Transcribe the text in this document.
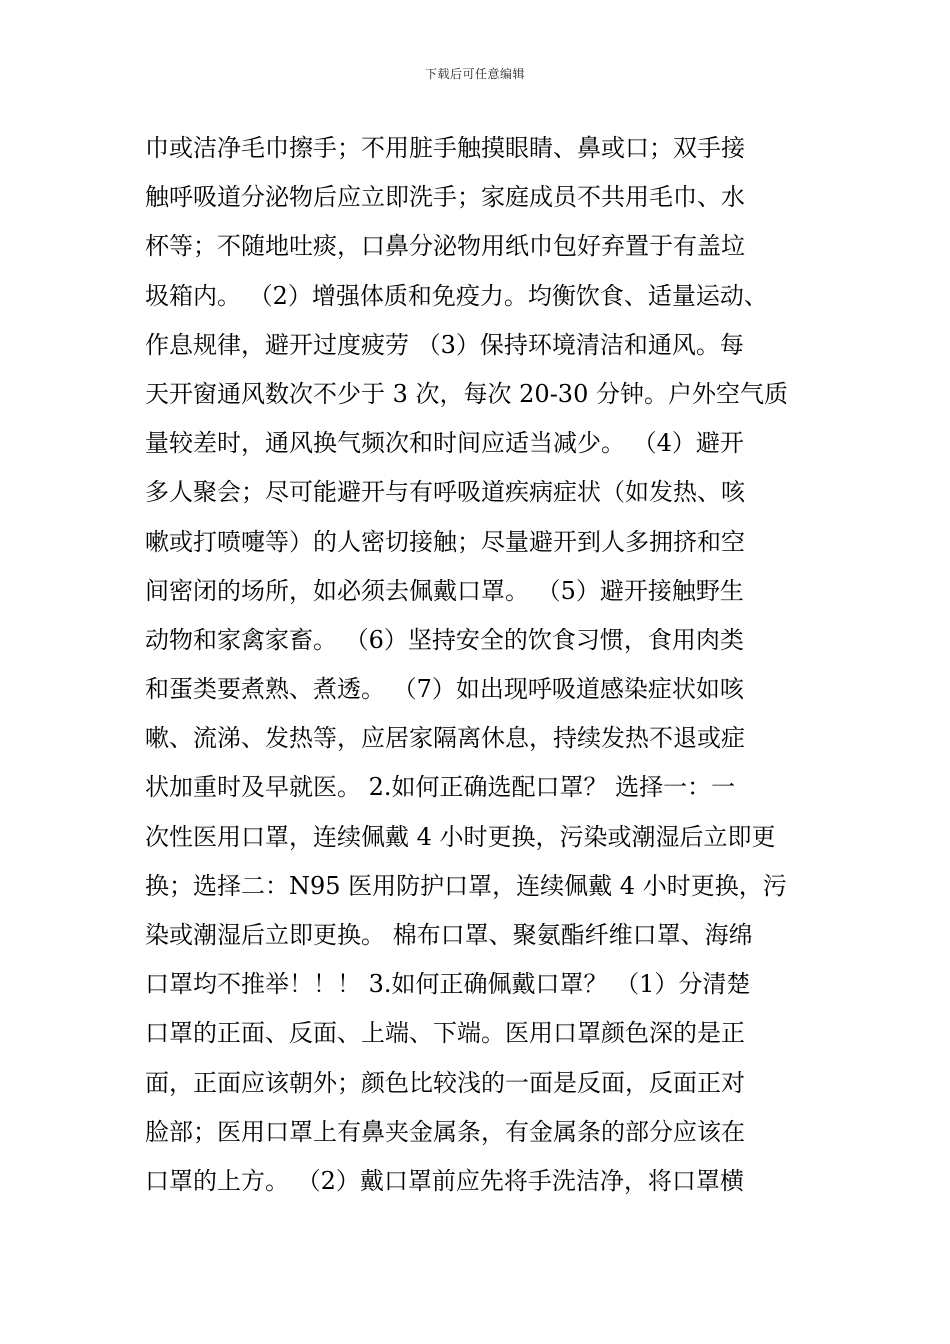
下载后可任意编辑
巾或洁净毛巾擦手；不用脏手触摸眼睛、鼻或口；双手接
触呼吸道分泌物后应立即洗手；家庭成员不共用毛巾、水
杯等；不随地吐痰，口鼻分泌物用纸巾包好弃置于有盖垃
圾箱内。 （2）增强体质和免疫力。均衡饮食、适量运动、
作息规律，避开过度疲劳 （3）保持环境清洁和通风。每
天开窗通风数次不少于 3 次，每次 20-30 分钟。户外空气质
量较差时，通风换气频次和时间应适当减少。 （4）避开
多人聚会；尽可能避开与有呼吸道疾病症状（如发热、咳
嗽或打喷嚏等）的人密切接触；尽量避开到人多拥挤和空
间密闭的场所，如必须去佩戴口罩。 （5）避开接触野生
动物和家禽家畜。 （6）坚持安全的饮食习惯，食用肉类
和蛋类要煮熟、煮透。 （7）如出现呼吸道感染症状如咳
嗽、流涕、发热等，应居家隔离休息，持续发热不退或症
状加重时及早就医。 2.如何正确选配口罩？ 选择一：一
次性医用口罩，连续佩戴 4 小时更换，污染或潮湿后立即更
换；选择二：N95 医用防护口罩，连续佩戴 4 小时更换，污
染或潮湿后立即更换。 棉布口罩、聚氨酯纤维口罩、海绵
口罩均不推举！！！ 3.如何正确佩戴口罩？ （1）分清楚
口罩的正面、反面、上端、下端。医用口罩颜色深的是正
面，正面应该朝外；颜色比较浅的一面是反面，反面正对
脸部；医用口罩上有鼻夹金属条，有金属条的部分应该在
口罩的上方。 （2）戴口罩前应先将手洗洁净，将口罩横
